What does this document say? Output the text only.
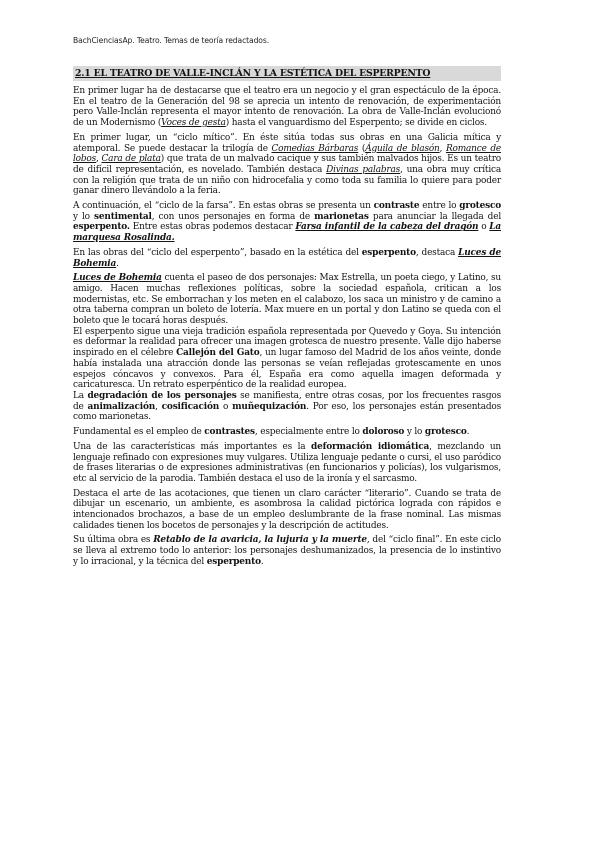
BachCienciasAp. Teatro. Temas de teoría redactados.
2.1 EL TEATRO DE VALLE-INCLÁN Y LA ESTÉTICA DEL ESPERPENTO

En primer lugar ha de destacarse que el teatro era un negocio y el gran espectáculo de la época. En el teatro de la Generación del 98 se aprecia un intento de renovación, de experimentación pero Valle-Inclán representa el mayor intento de renovación. La obra de Valle-Inclán evolucionó de un Modernismo (Voces de gesta) hasta el vanguardismo del Esperpento; se divide en ciclos.

En primer lugar, un “ciclo mítico”. En éste sitúa todas sus obras en una Galicia mítica y atemporal. Se puede destacar la trilogía de Comedias Bárbaras (Águila de blasón, Romance de lobos, Cara de plata) que trata de un malvado cacique y sus también malvados hijos. Es un teatro de difícil representación, es novelado. También destaca Divinas palabras, una obra muy crítica con la religión que trata de un niño con hidrocefalia y como toda su familia lo quiere para poder ganar dinero llevándolo a la feria.

A continuación, el “ciclo de la farsa”. En estas obras se presenta un contraste entre lo grotesco y lo sentimental, con unos personajes en forma de marionetas para anunciar la llegada del esperpento. Entre estas obras podemos destacar Farsa infantil de la cabeza del dragón o La marquesa Rosalinda.

En las obras del “ciclo del esperpento”, basado en la estética del esperpento, destaca Luces de Bohemia.

Luces de Bohemia cuenta el paseo de dos personajes: Max Estrella, un poeta ciego, y Latino, su amigo. Hacen muchas reflexiones políticas, sobre la sociedad española, critican a los modernistas, etc. Se emborrachan y los meten en el calabozo, los saca un ministro y de camino a otra taberna compran un boleto de lotería. Max muere en un portal y don Latino se queda con el boleto que le tocará horas después.

El esperpento sigue una vieja tradición española representada por Quevedo y Goya. Su intención es deformar la realidad para ofrecer una imagen grotesca de nuestro presente. Valle dijo haberse inspirado en el célebre Callejón del Gato, un lugar famoso del Madrid de los años veinte, donde había instalada una atracción donde las personas se veían reflejadas grotescamente en unos espejos cóncavos y convexos. Para él, España era como aquella imagen deformada y caricaturesca. Un retrato esperpéntico de la realidad europea.

La degradación de los personajes se manifiesta, entre otras cosas, por los frecuentes rasgos de animalización, cosificación o muñequización. Por eso, los personajes están presentados como marionetas.

Fundamental es el empleo de contrastes, especialmente entre lo doloroso y lo grotesco.

Una de las características más importantes es la deformación idiomática, mezclando un lenguaje refinado con expresiones muy vulgares. Utiliza lenguaje pedante o cursi, el uso paródico de frases literarias o de expresiones administrativas (en funcionarios y policías), los vulgarismos, etc al servicio de la parodia. También destaca el uso de la ironía y el sarcasmo.

Destaca el arte de las acotaciones, que tienen un claro carácter “literario”. Cuando se trata de dibujar un escenario, un ambiente, es asombrosa la calidad pictórica lograda con rápidos e intencionados brochazos, a base de un empleo deslumbrante de la frase nominal. Las mismas calidades tienen los bocetos de personajes y la descripción de actitudes.

Su última obra es Retablo de la avaricia, la lujuria y la muerte, del “ciclo final”. En este ciclo se lleva al extremo todo lo anterior: los personajes deshumanizados, la presencia de lo instintivo y lo irracional, y la técnica del esperpento.
